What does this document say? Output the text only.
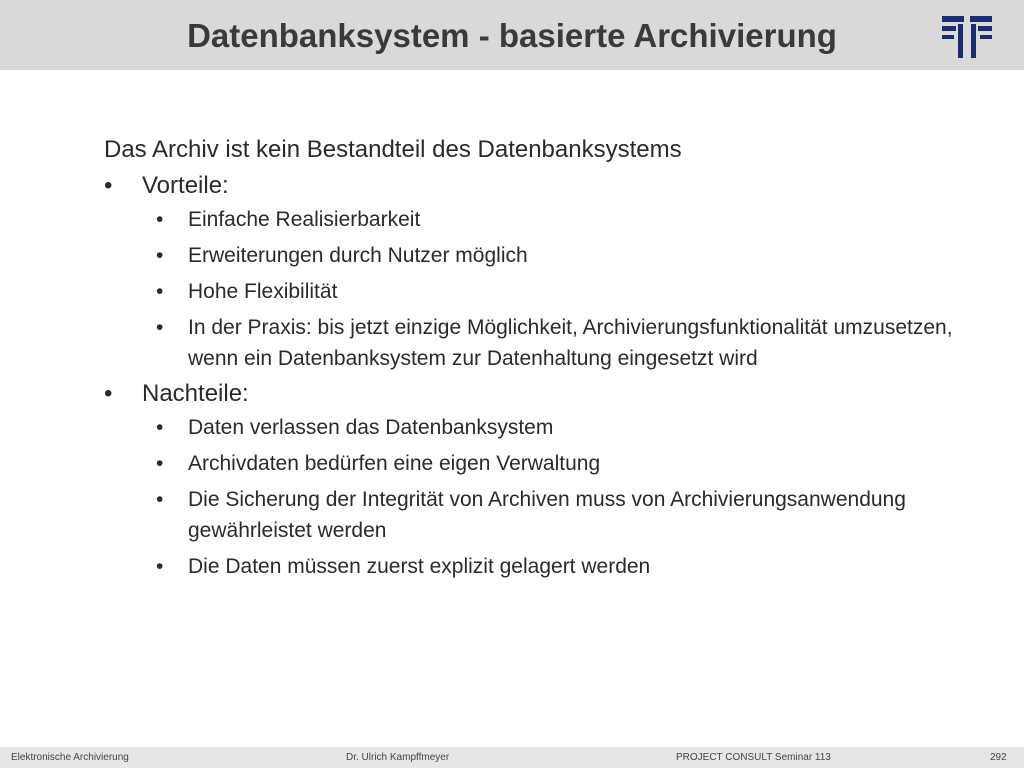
Datenbanksystem - basierte Archivierung

Das Archiv ist kein Bestandteil des Datenbanksystems

• Vorteile:
• Einfache Realisierbarkeit
• Erweiterungen durch Nutzer möglich
• Hohe Flexibilität
• In der Praxis: bis jetzt einzige Möglichkeit, Archivierungsfunktionalität umzusetzen, wenn ein Datenbanksystem zur Datenhaltung eingesetzt wird
• Nachteile:
• Daten verlassen das Datenbanksystem
• Archivdaten bedürfen eine eigen Verwaltung
• Die Sicherung der Integrität von Archiven muss von Archivierungsanwendung gewährleistet werden
• Die Daten müssen zuerst explizit gelagert werden
Elektronische Archivierung	Dr. Ulrich Kampffmeyer	PROJECT CONSULT Seminar 113	292
